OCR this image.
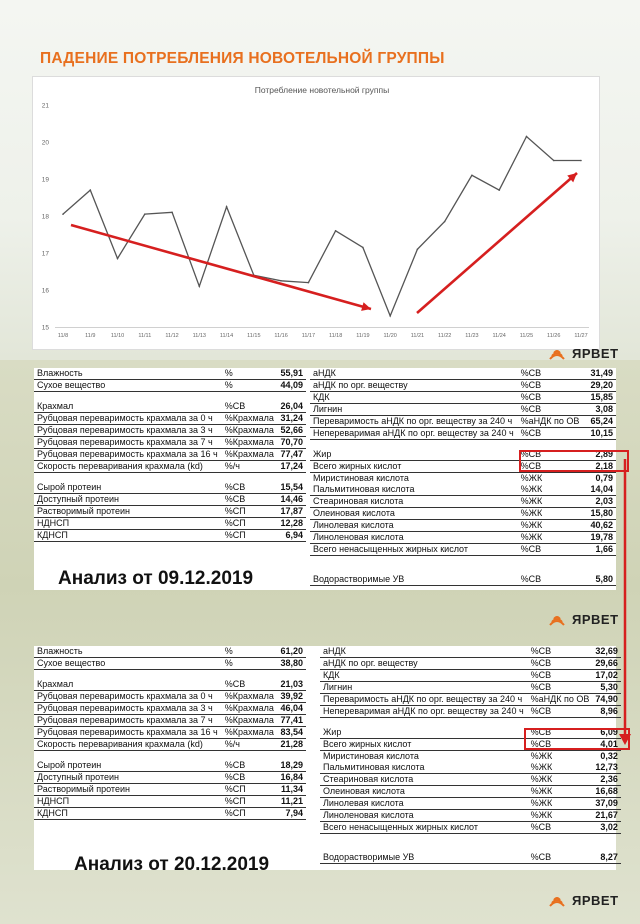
ПАДЕНИЕ ПОТРЕБЛЕНИЯ НОВОТЕЛЬНОЙ ГРУППЫ
Потребление новотельной группы
15
16
17
18
19
20
21
11/8	11/9	11/10	11/11	11/12	11/13	11/14	11/15	11/16	11/17	11/18	11/19	11/20	11/21	11/22	11/23	11/24	11/25	11/26	11/27
ЯРВЕТ
Влажность	%	55,91
Сухое вещество	%	44,09

Крахмал	%СВ	26,04
Рубцовая переваримость крахмала за 0 ч	%Крахмала	31,24
Рубцовая переваримость крахмала за 3 ч	%Крахмала	52,66
Рубцовая переваримость крахмала за 7 ч	%Крахмала	70,70
Рубцовая переваримость крахмала за 16 ч	%Крахмала	77,47
Скорость переваривания крахмала (kd)	%/ч	17,24

Сырой протеин	%СВ	15,54
Доступный протеин	%СВ	14,46
Растворимый протеин	%СП	17,87
НДНСП	%СП	12,28
КДНСП	%СП	6,94
аНДК	%СВ	31,49
аНДК по орг. веществу	%СВ	29,20
КДК	%СВ	15,85
Лигнин	%СВ	3,08
Переваримость аНДК по орг. веществу за 240 ч	%аНДК по ОВ	65,24
Непереваримая аНДК по орг. веществу за 240 ч	%СВ	10,15

Жир	%СВ	2,89
Всего жирных кислот	%СВ	2,18
Миристиновая кислота	%ЖК	0,79
Пальмитиновая кислота	%ЖК	14,04
Стеариновая кислота	%ЖК	2,03
Олеиновая кислота	%ЖК	15,80
Линолевая кислота	%ЖК	40,62
Линоленовая кислота	%ЖК	19,78
Всего ненасыщенных жирных кислот	%СВ	1,66

Водорастворимые УВ	%СВ	5,80
Анализ от 09.12.2019
ЯРВЕТ
Влажность	%	61,20
Сухое вещество	%	38,80

Крахмал	%СВ	21,03
Рубцовая переваримость крахмала за 0 ч	%Крахмала	39,92
Рубцовая переваримость крахмала за 3 ч	%Крахмала	46,04
Рубцовая переваримость крахмала за 7 ч	%Крахмала	77,41
Рубцовая переваримость крахмала за 16 ч	%Крахмала	83,54
Скорость переваривания крахмала (kd)	%/ч	21,28

Сырой протеин	%СВ	18,29
Доступный протеин	%СВ	16,84
Растворимый протеин	%СП	11,34
НДНСП	%СП	11,21
КДНСП	%СП	7,94
аНДК	%СВ	32,69
аНДК по орг. веществу	%СВ	29,66
КДК	%СВ	17,02
Лигнин	%СВ	5,30
Переваримость аНДК по орг. веществу за 240 ч	%аНДК по ОВ	74,90
Непереваримая аНДК по орг. веществу за 240 ч	%СВ	8,96

Жир	%СВ	6,09
Всего жирных кислот	%СВ	4,01
Миристиновая кислота	%ЖК	0,32
Пальмитиновая кислота	%ЖК	12,73
Стеариновая кислота	%ЖК	2,36
Олеиновая кислота	%ЖК	16,68
Линолевая кислота	%ЖК	37,09
Линоленовая кислота	%ЖК	21,67
Всего ненасыщенных жирных кислот	%СВ	3,02

Водорастворимые УВ	%СВ	8,27
Анализ от 20.12.2019
ЯРВЕТ
